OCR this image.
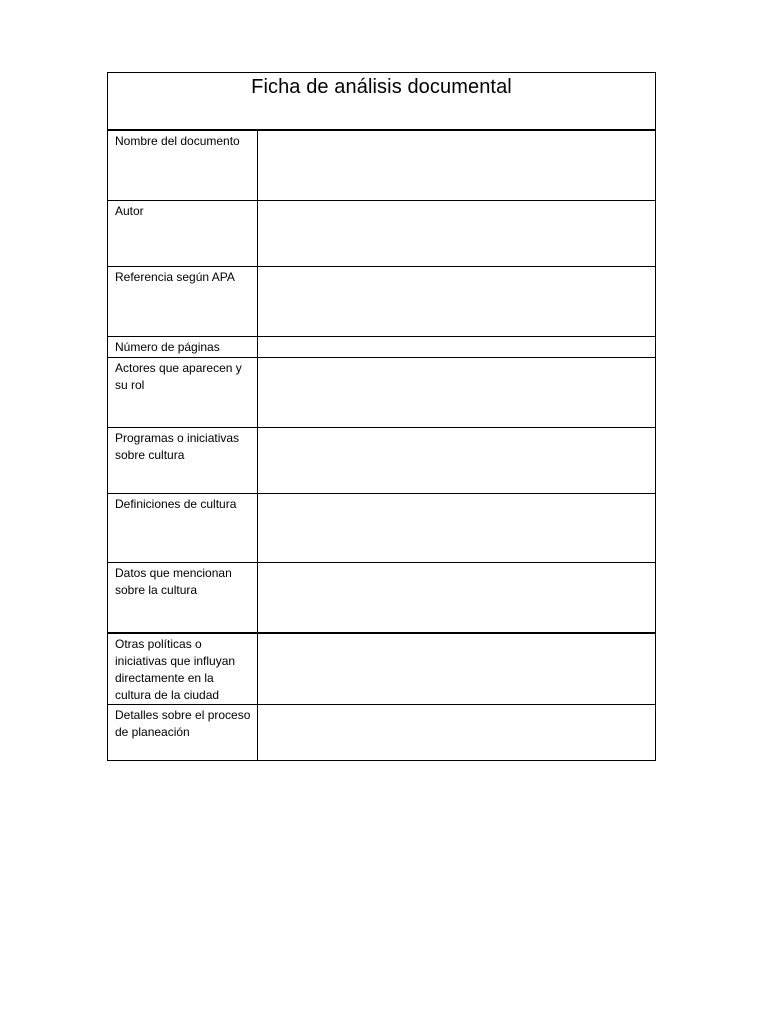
Ficha de análisis documental
Nombre del documento
Autor
Referencia según APA
Número de páginas
Actores que aparecen y su rol
Programas o iniciativas sobre cultura
Definiciones de cultura
Datos que mencionan sobre la cultura
Otras políticas o iniciativas que influyan directamente en la cultura de la ciudad
Detalles sobre el proceso de planeación
